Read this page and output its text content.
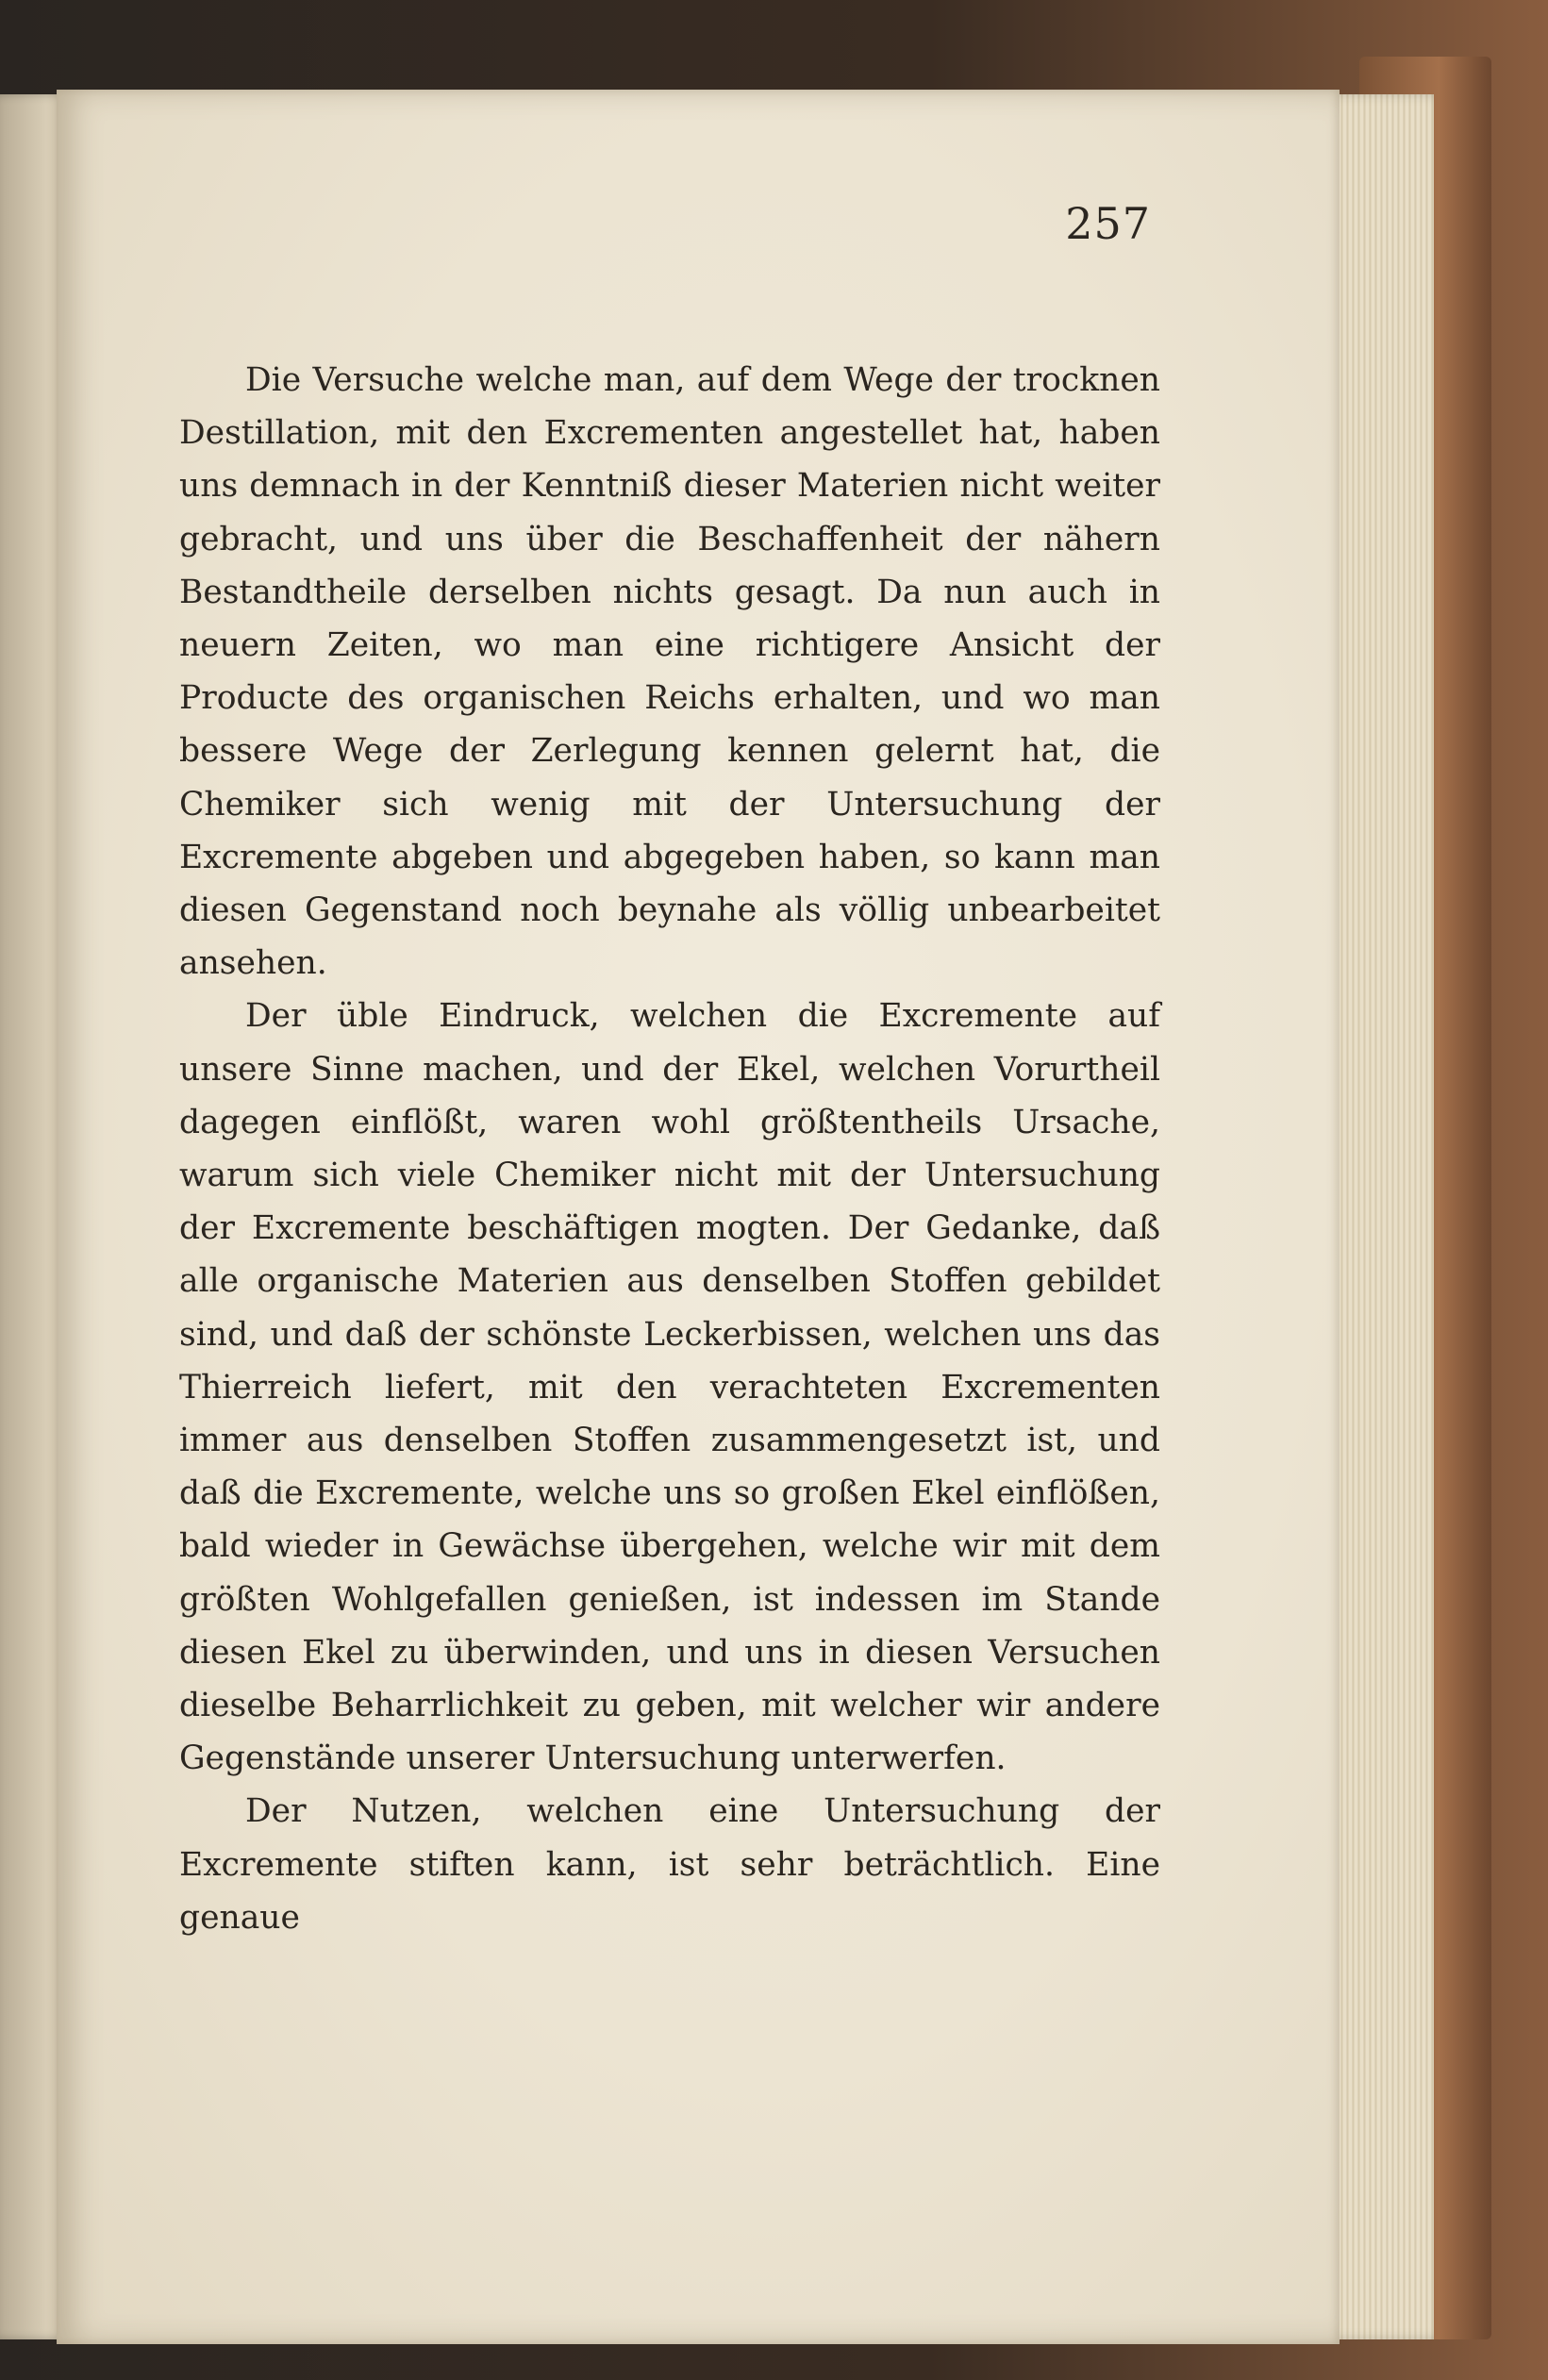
257

Die Versuche welche man, auf dem Wege der trocknen Destillation, mit den Excrementen angestellet hat, haben uns demnach in der Kenntniß dieser Materien nicht weiter gebracht, und uns über die Beschaffenheit der nähern Bestandtheile derselben nichts gesagt. Da nun auch in neuern Zeiten, wo man eine richtigere Ansicht der Producte des organischen Reichs erhalten, und wo man bessere Wege der Zerlegung kennen gelernt hat, die Chemiker sich wenig mit der Untersuchung der Excremente abgeben und abgegeben haben, so kann man diesen Gegenstand noch beynahe als völlig unbearbeitet ansehen.

Der üble Eindruck, welchen die Excremente auf unsere Sinne machen, und der Ekel, welchen Vorurtheil dagegen einflößt, waren wohl größtentheils Ursache, warum sich viele Chemiker nicht mit der Untersuchung der Excremente beschäftigen mogten. Der Gedanke, daß alle organische Materien aus denselben Stoffen gebildet sind, und daß der schönste Leckerbissen, welchen uns das Thierreich liefert, mit den verachteten Excrementen immer aus denselben Stoffen zusammengesetzt ist, und daß die Excremente, welche uns so großen Ekel einflößen, bald wieder in Gewächse übergehen, welche wir mit dem größten Wohlgefallen genießen, ist indessen im Stande diesen Ekel zu überwinden, und uns in diesen Versuchen dieselbe Beharrlichkeit zu geben, mit welcher wir andere Gegenstände unserer Untersuchung unterwerfen.

Der Nutzen, welchen eine Untersuchung der Excremente stiften kann, ist sehr beträchtlich. Eine genaue
